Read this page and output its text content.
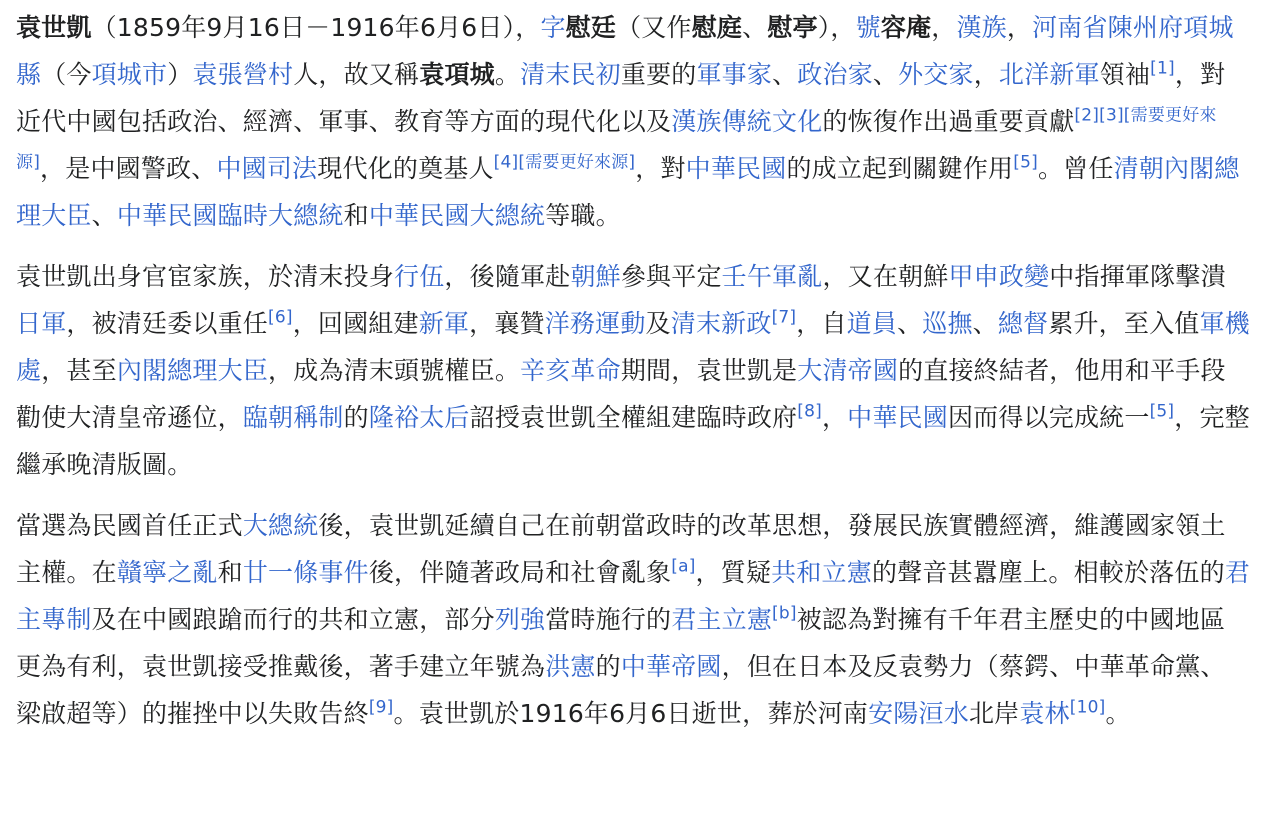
袁世凱（1859年9月16日－1916年6月6日），字慰廷（又作慰庭、慰亭），號容庵，漢族，河南省陳州府項城縣（今項城市）袁張營村人，故又稱袁項城。清末民初重要的軍事家、政治家、外交家，北洋新軍領袖[1]，對近代中國包括政治、經濟、軍事、教育等方面的現代化以及漢族傳統文化的恢復作出過重要貢獻[2][3][需要更好來源]，是中國警政、中國司法現代化的奠基人[4][需要更好來源]，對中華民國的成立起到關鍵作用[5]。曾任清朝內閣總理大臣、中華民國臨時大總統和中華民國大總統等職。

袁世凱出身官宦家族，於清末投身行伍，後隨軍赴朝鮮參與平定壬午軍亂，又在朝鮮甲申政變中指揮軍隊擊潰日軍，被清廷委以重任[6]，回國組建新軍，襄贊洋務運動及清末新政[7]，自道員、巡撫、總督累升，至入值軍機處，甚至內閣總理大臣，成為清末頭號權臣。辛亥革命期間，袁世凱是大清帝國的直接終結者，他用和平手段勸使大清皇帝遜位，臨朝稱制的隆裕太后詔授袁世凱全權組建臨時政府[8]，中華民國因而得以完成統一[5]，完整繼承晚清版圖。

當選為民國首任正式大總統後，袁世凱延續自己在前朝當政時的改革思想，發展民族實體經濟，維護國家領土主權。在贛寧之亂和廿一條事件後，伴隨著政局和社會亂象[a]，質疑共和立憲的聲音甚囂塵上。相較於落伍的君主專制及在中國踉蹌而行的共和立憲，部分列強當時施行的君主立憲[b]被認為對擁有千年君主歷史的中國地區更為有利，袁世凱接受推戴後，著手建立年號為洪憲的中華帝國，但在日本及反袁勢力（蔡鍔、中華革命黨、梁啟超等）的摧挫中以失敗告終[9]。袁世凱於1916年6月6日逝世，葬於河南安陽洹水北岸袁林[10]。
